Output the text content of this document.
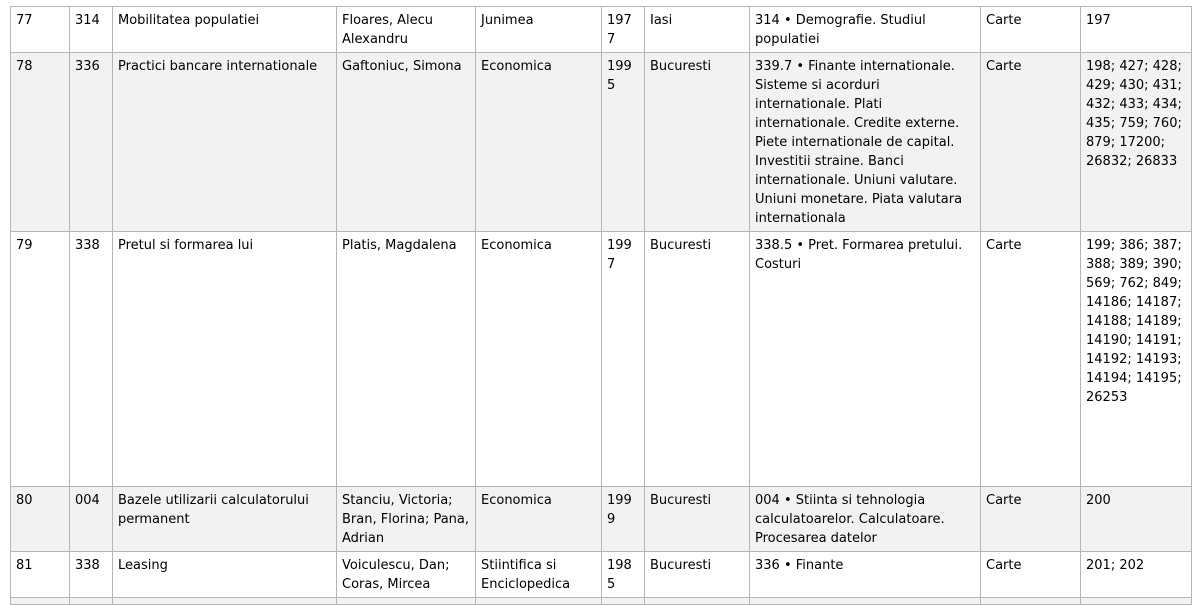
77	314	Mobilitatea populatiei	Floares, Alecu Alexandru	Junimea	1977	Iasi	314 • Demografie. Studiul populatiei	Carte	197
78	336	Practici bancare internationale	Gaftoniuc, Simona	Economica	1995	Bucuresti	339.7 • Finante internationale. Sisteme si acorduri internationale. Plati internationale. Credite externe. Piete internationale de capital. Investitii straine. Banci internationale. Uniuni valutare. Uniuni monetare. Piata valutara internationala	Carte	198; 427; 428; 429; 430; 431; 432; 433; 434; 435; 759; 760; 879; 17200; 26832; 26833
79	338	Pretul si formarea lui	Platis, Magdalena	Economica	1997	Bucuresti	338.5 • Pret. Formarea pretului. Costuri	Carte	199; 386; 387; 388; 389; 390; 569; 762; 849; 14186; 14187; 14188; 14189; 14190; 14191; 14192; 14193; 14194; 14195; 26253
80	004	Bazele utilizarii calculatorului permanent	Stanciu, Victoria; Bran, Florina; Pana, Adrian	Economica	1999	Bucuresti	004 • Stiinta si tehnologia calculatoarelor. Calculatoare. Procesarea datelor	Carte	200
81	338	Leasing	Voiculescu, Dan; Coras, Mircea	Stiintifica si Enciclopedica	1985	Bucuresti	336 • Finante	Carte	201; 202
